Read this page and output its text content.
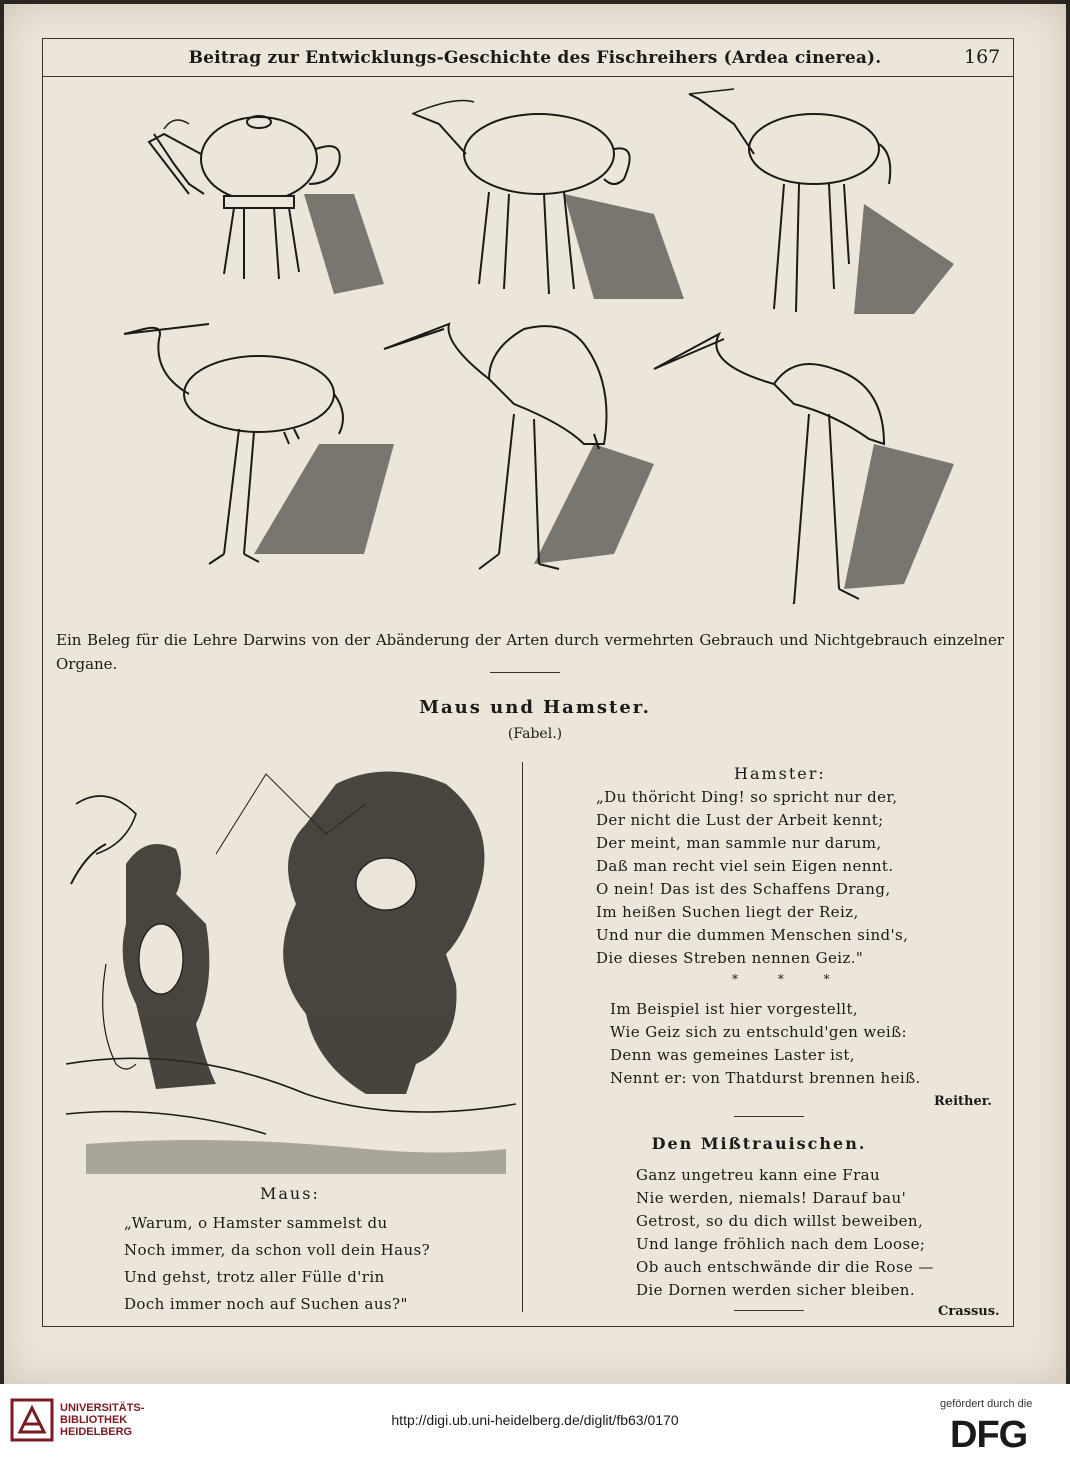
Beitrag zur Entwicklungs-Geschichte des Fischreihers (Ardea cinerea).	167
Ein Beleg für die Lehre Darwins von der Abänderung der Arten durch vermehrten Gebrauch und Nichtgebrauch einzelner Organe.
Maus und Hamster.
(Fabel.)
Hamster:
„Du thöricht Ding! so spricht nur der,
Der nicht die Lust der Arbeit kennt;
Der meint, man sammle nur darum,
Daß man recht viel sein Eigen nennt.
O nein! Das ist des Schaffens Drang,
Im heißen Suchen liegt der Reiz,
Und nur die dummen Menschen sind's,
Die dieses Streben nennen Geiz."
* * *
Im Beispiel ist hier vorgestellt,
Wie Geiz sich zu entschuld'gen weiß:
Denn was gemeines Laster ist,
Nennt er: von Thatdurst brennen heiß.
Reither.
Den Mißtrauischen.
Ganz ungetreu kann eine Frau
Nie werden, niemals! Darauf bau'
Getrost, so du dich willst beweiben,
Und lange fröhlich nach dem Loose;
Ob auch entschwände dir die Rose —
Die Dornen werden sicher bleiben.
Crassus.
Maus:
„Warum, o Hamster sammelst du
Noch immer, da schon voll dein Haus?
Und gehst, trotz aller Fülle d'rin
Doch immer noch auf Suchen aus?"
UNIVERSITÄTS-
BIBLIOTHEK
HEIDELBERG
http://digi.ub.uni-heidelberg.de/diglit/fb63/0170
gefördert durch die
DFG
